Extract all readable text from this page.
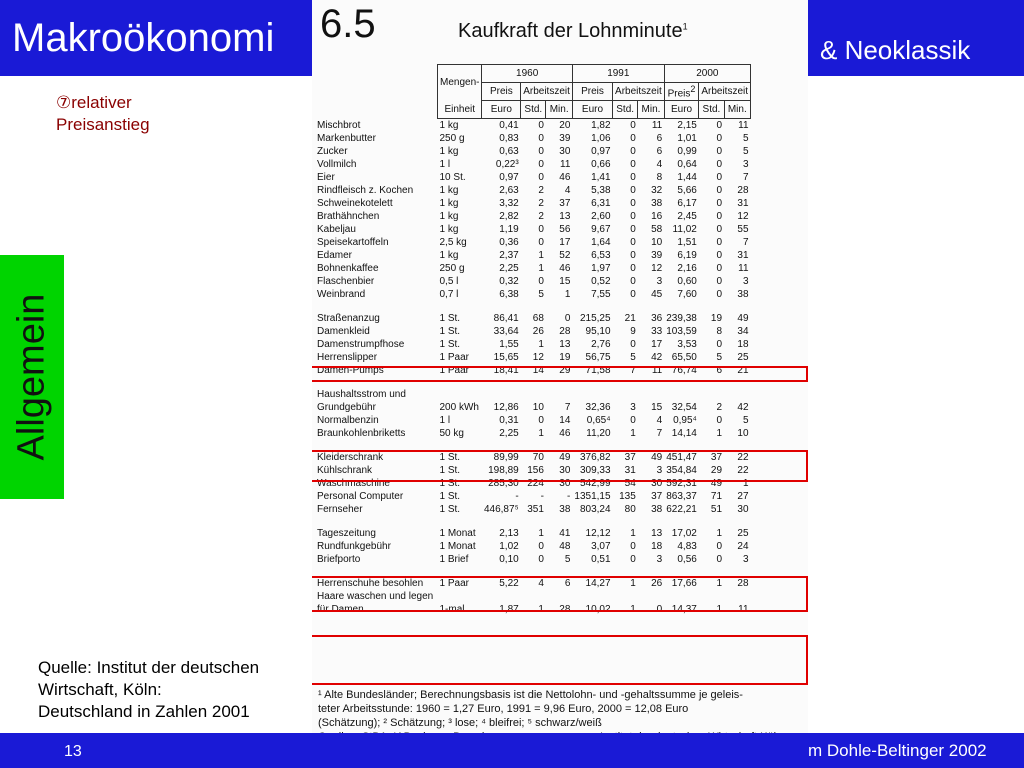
Makroökonomi	& Neoklassik
⑦relativer
Preisanstieg
Allgemein
6.5	Kaufkraft der Lohnminute$^1$
	Mengen-	1960			1991			2000		
		Preis	Arbeitszeit		Preis	Arbeitszeit		Preis$^2$	Arbeitszeit	
	Einheit	Euro	Std.	Min.	Euro	Std.	Min.	Euro	Std.	Min.
Mischbrot	1 kg	0,41	0	20	1,82	0	11	2,15	0	11
Markenbutter	250 g	0,83	0	39	1,06	0	6	1,01	0	5
Zucker	1 kg	0,63	0	30	0,97	0	6	0,99	0	5
Vollmilch	1 l	0,22³	0	11	0,66	0	4	0,64	0	3
Eier	10 St.	0,97	0	46	1,41	0	8	1,44	0	7
Rindfleisch z. Kochen	1 kg	2,63	2	4	5,38	0	32	5,66	0	28
Schweinekotelett	1 kg	3,32	2	37	6,31	0	38	6,17	0	31
Brathähnchen	1 kg	2,82	2	13	2,60	0	16	2,45	0	12
Kabeljau	1 kg	1,19	0	56	9,67	0	58	11,02	0	55
Speisekartoffeln	2,5 kg	0,36	0	17	1,64	0	10	1,51	0	7
Edamer	1 kg	2,37	1	52	6,53	0	39	6,19	0	31
Bohnenkaffee	250 g	2,25	1	46	1,97	0	12	2,16	0	11
Flaschenbier	0,5 l	0,32	0	15	0,52	0	3	0,60	0	3
Weinbrand	0,7 l	6,38	5	1	7,55	0	45	7,60	0	38

Straßenanzug	1 St.	86,41	68	0	215,25	21	36	239,38	19	49
Damenkleid	1 St.	33,64	26	28	95,10	9	33	103,59	8	34
Damenstrumpfhose	1 St.	1,55	1	13	2,76	0	17	3,53	0	18
Herrenslipper	1 Paar	15,65	12	19	56,75	5	42	65,50	5	25
Damen-Pumps	1 Paar	18,41	14	29	71,58	7	11	76,74	6	21

Haushaltsstrom und										
Grundgebühr	200 kWh	12,86	10	7	32,36	3	15	32,54	2	42
Normalbenzin	1 l	0,31	0	14	0,65⁴	0	4	0,95⁴	0	5
Braunkohlenbriketts	50 kg	2,25	1	46	11,20	1	7	14,14	1	10

Kleiderschrank	1 St.	89,99	70	49	376,82	37	49	451,47	37	22
Kühlschrank	1 St.	198,89	156	30	309,33	31	3	354,84	29	22
Waschmaschine	1 St.	285,30	224	30	542,99	54	30	592,31	49	1
Personal Computer	1 St.	-	-	-	1351,15	135	37	863,37	71	27
Fernseher	1 St.	446,87⁵	351	38	803,24	80	38	622,21	51	30

Tageszeitung	1 Monat	2,13	1	41	12,12	1	13	17,02	1	25
Rundfunkgebühr	1 Monat	1,02	0	48	3,07	0	18	4,83	0	24
Briefporto	1 Brief	0,10	0	5	0,51	0	3	0,56	0	3

Herrenschuhe besohlen	1 Paar	5,22	4	6	14,27	1	26	17,66	1	28
Haare waschen und legen										
für Damen	1-mal	1,87	1	28	10,02	1	0	14,37	1	11
¹ Alte Bundesländer; Berechnungsbasis ist die Nettolohn- und -gehaltssumme je geleis-
teter Arbeitsstunde: 1960 = 1,27 Euro, 1991 = 9,96 Euro, 2000 = 12,08 Euro
(Schätzung); ² Schätzung; ³ lose; ⁴ bleifrei; ⁵ schwarz/weiß
Quelle: Institut der deutschen
Wirtschaft, Köln:
Deutschland in Zahlen 2001
13	m Dohle-Beltinger 2002
